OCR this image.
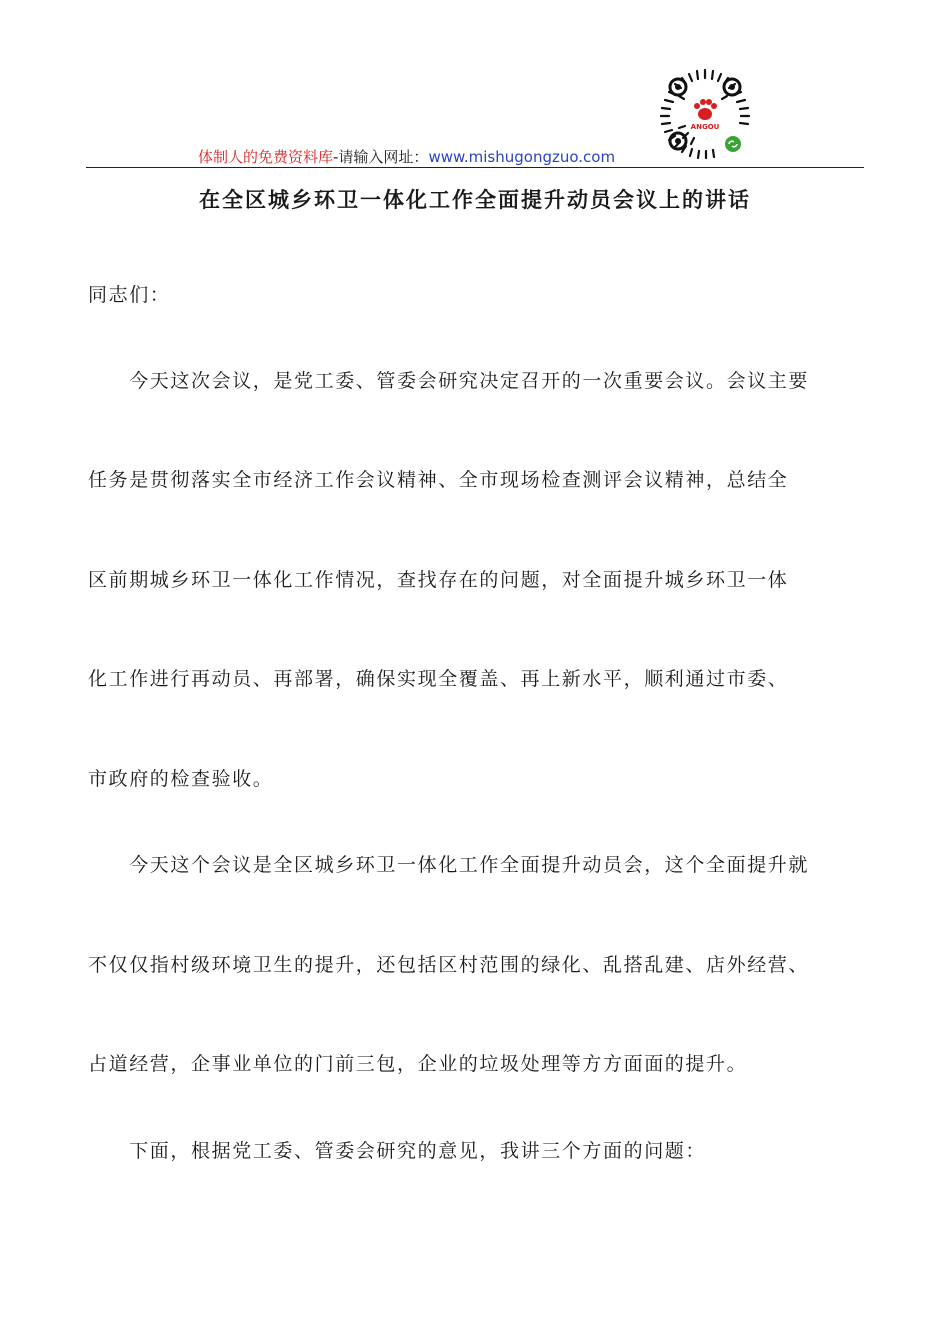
ANGOU
体制人的免费资料库-请输入网址：www.mishugongzuo.com
在全区城乡环卫一体化工作全面提升动员会议上的讲话
同志们：
　　今天这次会议，是党工委、管委会研究决定召开的一次重要会议。会议主要
任务是贯彻落实全市经济工作会议精神、全市现场检查测评会议精神，总结全
区前期城乡环卫一体化工作情况，查找存在的问题，对全面提升城乡环卫一体
化工作进行再动员、再部署，确保实现全覆盖、再上新水平，顺利通过市委、
市政府的检查验收。
　　今天这个会议是全区城乡环卫一体化工作全面提升动员会，这个全面提升就
不仅仅指村级环境卫生的提升，还包括区村范围的绿化、乱搭乱建、店外经营、
占道经营，企事业单位的门前三包，企业的垃圾处理等方方面面的提升。
　　下面，根据党工委、管委会研究的意见，我讲三个方面的问题：
